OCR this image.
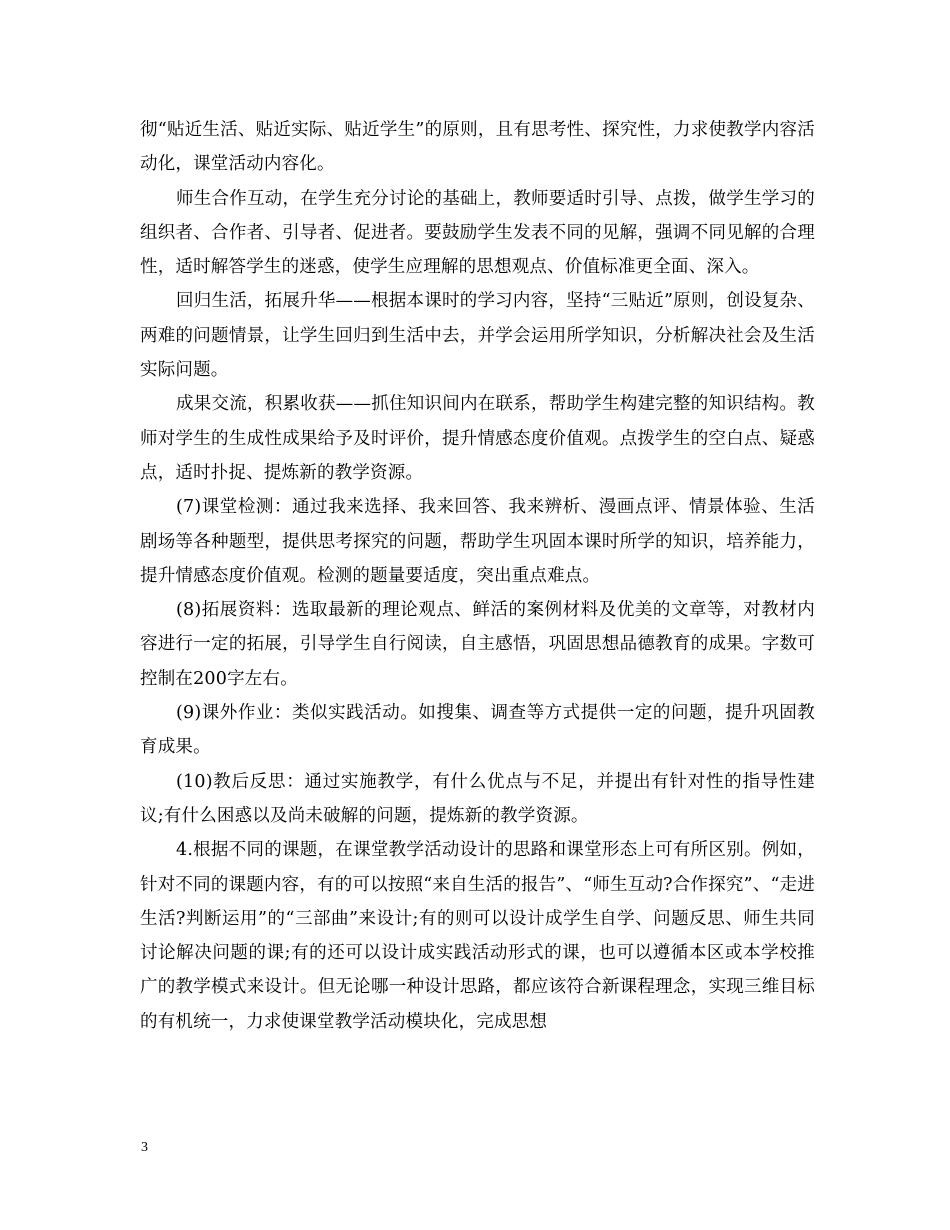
彻“贴近生活、贴近实际、贴近学生”的原则，且有思考性、探究性，力求使教学内容活动化，课堂活动内容化。

师生合作互动，在学生充分讨论的基础上，教师要适时引导、点拨，做学生学习的组织者、合作者、引导者、促进者。要鼓励学生发表不同的见解，强调不同见解的合理性，适时解答学生的迷惑，使学生应理解的思想观点、价值标准更全面、深入。

回归生活，拓展升华——根据本课时的学习内容，坚持“三贴近”原则，创设复杂、两难的问题情景，让学生回归到生活中去，并学会运用所学知识，分析解决社会及生活实际问题。

成果交流，积累收获——抓住知识间内在联系，帮助学生构建完整的知识结构。教师对学生的生成性成果给予及时评价，提升情感态度价值观。点拨学生的空白点、疑惑点，适时扑捉、提炼新的教学资源。

(7)课堂检测：通过我来选择、我来回答、我来辨析、漫画点评、情景体验、生活剧场等各种题型，提供思考探究的问题，帮助学生巩固本课时所学的知识，培养能力，提升情感态度价值观。检测的题量要适度，突出重点难点。

(8)拓展资料：选取最新的理论观点、鲜活的案例材料及优美的文章等，对教材内容进行一定的拓展，引导学生自行阅读，自主感悟，巩固思想品德教育的成果。字数可控制在200字左右。

(9)课外作业：类似实践活动。如搜集、调查等方式提供一定的问题，提升巩固教育成果。

(10)教后反思：通过实施教学，有什么优点与不足，并提出有针对性的指导性建议;有什么困惑以及尚未破解的问题，提炼新的教学资源。

4.根据不同的课题，在课堂教学活动设计的思路和课堂形态上可有所区别。例如，针对不同的课题内容，有的可以按照“来自生活的报告”、“师生互动?合作探究”、“走进生活?判断运用”的“三部曲”来设计;有的则可以设计成学生自学、问题反思、师生共同讨论解决问题的课;有的还可以设计成实践活动形式的课，也可以遵循本区或本学校推广的教学模式来设计。但无论哪一种设计思路，都应该符合新课程理念，实现三维目标的有机统一，力求使课堂教学活动模块化，完成思想

3
